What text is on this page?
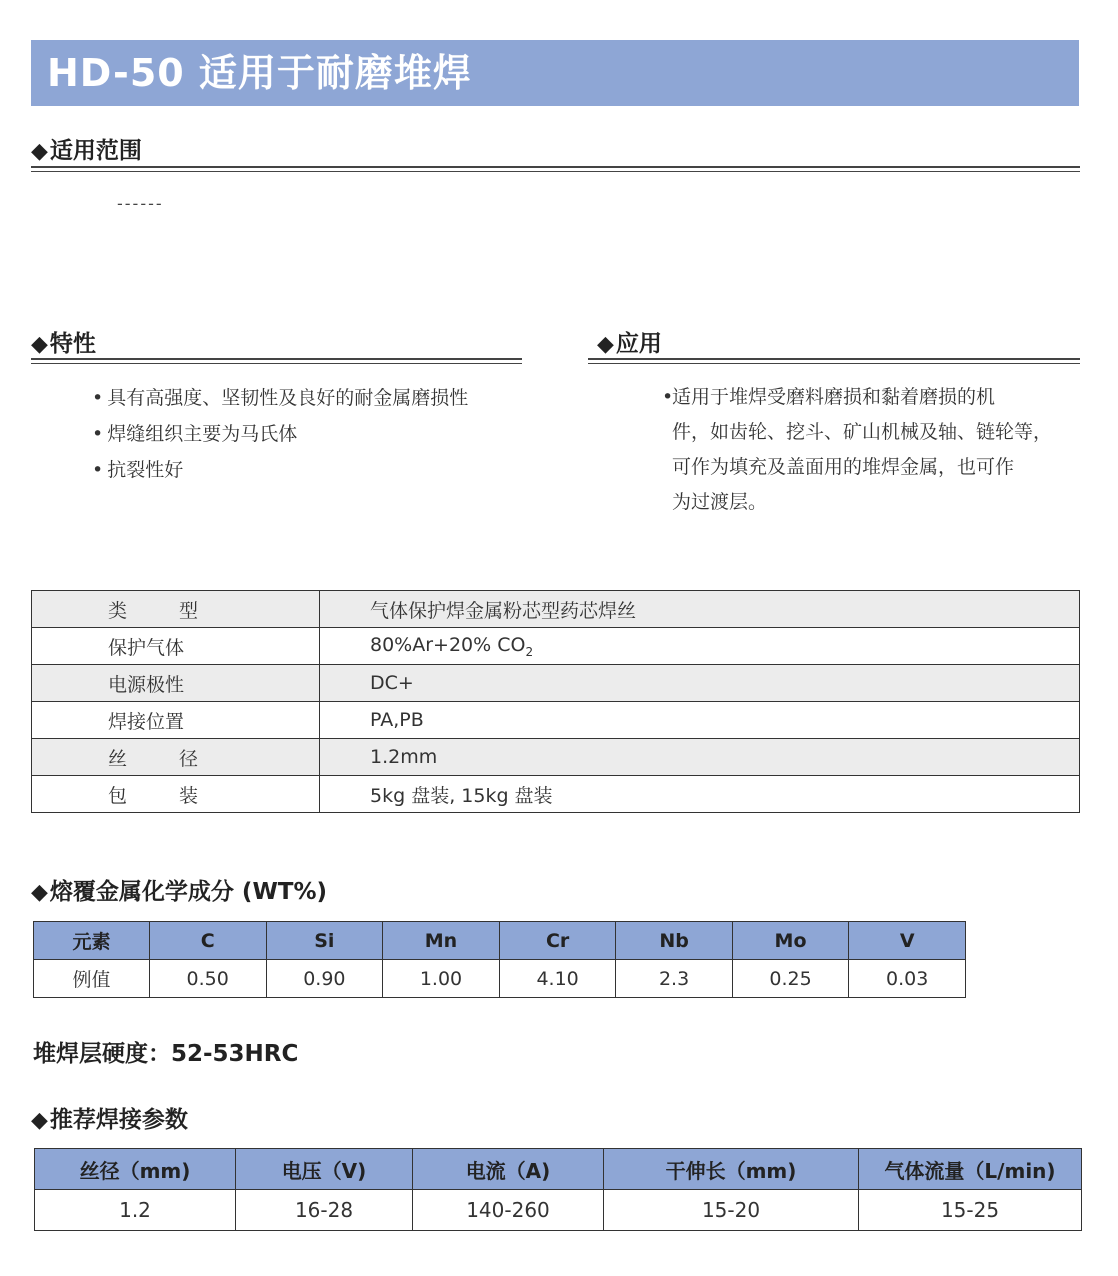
HD-50 适用于耐磨堆焊
◆适用范围
------
◆特性
• 具有高强度、坚韧性及良好的耐金属磨损性
• 焊缝组织主要为马氏体
• 抗裂性好
◆应用
•
适用于堆焊受磨料磨损和黏着磨损的机
件，如齿轮、挖斗、矿山机械及轴、链轮等，
可作为填充及盖面用的堆焊金属，也可作
为过渡层。
类型	气体保护焊金属粉芯型药芯焊丝
保护气体	80%Ar+20% $CO_2$
电源极性	DC+
焊接位置	PA,PB
丝径	1.2mm
包装	5kg 盘装, 15kg 盘装
◆熔覆金属化学成分 (WT%)
元素	C	Si	Mn	Cr	Nb	Mo	V
例值	0.50	0.90	1.00	4.10	2.3	0.25	0.03
堆焊层硬度：52-53HRC
◆推荐焊接参数
丝径（mm)	电压（V)	电流（A)	干伸长（mm)	气体流量（L/min)
1.2	16-28	140-260	15-20	15-25
